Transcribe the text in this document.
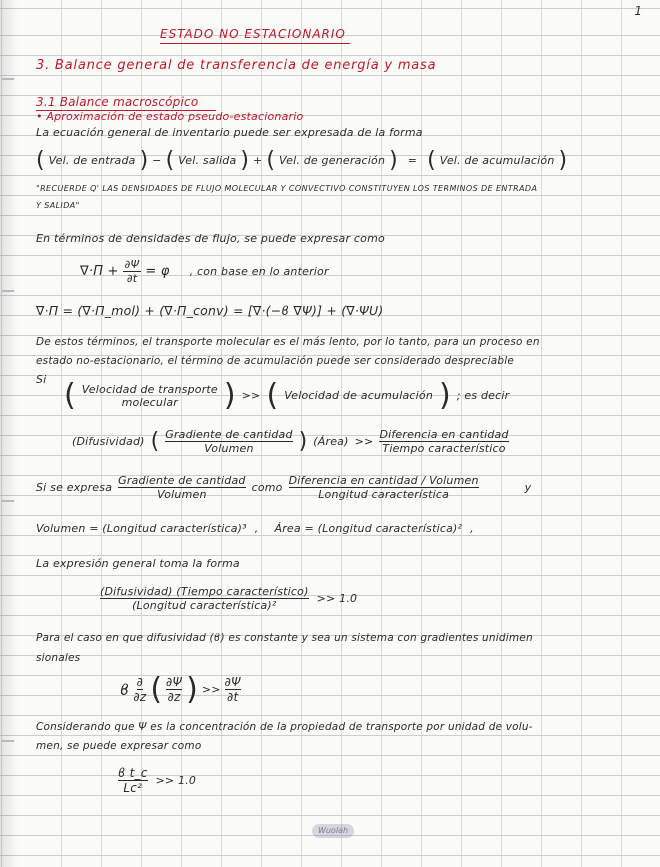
1

ESTADO NO ESTACIONARIO

3. Balance general de transferencia de energía y masa

3.1 Balance macroscópico

• Aproximación de estado pseudo-estacionario

La ecuación general de inventario puede ser expresada de la forma

( Vel. de entrada ) − ( Vel. salida ) + ( Vel. de generación ) = ( Vel. de acumulación )

"RECUERDE Q' LAS DENSIDADES DE FLUJO MOLECULAR Y CONVECTIVO CONSTITUYEN LOS TERMINOS DE ENTRADA

Y SALIDA"

En términos de densidades de flujo, se puede expresar como

$\nabla\cdot\Pi + \frac{\partial\Psi}{\partial t} = \varphi$ , con base en lo anterior

∇·Π = (∇·Π_mol) + (∇·Π_conv) = [∇·(−ϐ ∇Ψ)] + (∇·ΨU)

De estos términos, el transporte molecular es el más lento, por lo tanto, para un proceso en

estado no-estacionario, el término de acumulación puede ser considerado despreciable

Si ( Velocidad de transporte
molecular ) >> ( Velocidad de acumulación ) ; es decir
(Difusividad) ( Gradiente de cantidad
Volumen ) (Área) >>
Diferencia en cantidad
Tiempo característico
Si se expresa
Gradiente de cantidad
Volumen
como
Diferencia en cantidad / Volumen
Longitud característica
y
Volumen = (Longitud característica)³ , Área = (Longitud característica)² ,

La expresión general toma la forma

(Difusividad) (Tiempo característico)
(Longitud característica)²
>> 1.0

Para el caso en que difusividad (ϐ) es constante y sea un sistema con gradientes unidimen

sionales

ϐ ∂
∂z ( $\frac{\partial\Psi}{\partial z}$ ) >> $\frac{\partial\Psi}{\partial t}$

Considerando que Ψ es la concentración de la propiedad de transporte por unidad de volu-

men, se puede expresar como

$\frac{\text{ϐ t\_c}}{\text{Lc²}} >> 1.0$
Wuolah
